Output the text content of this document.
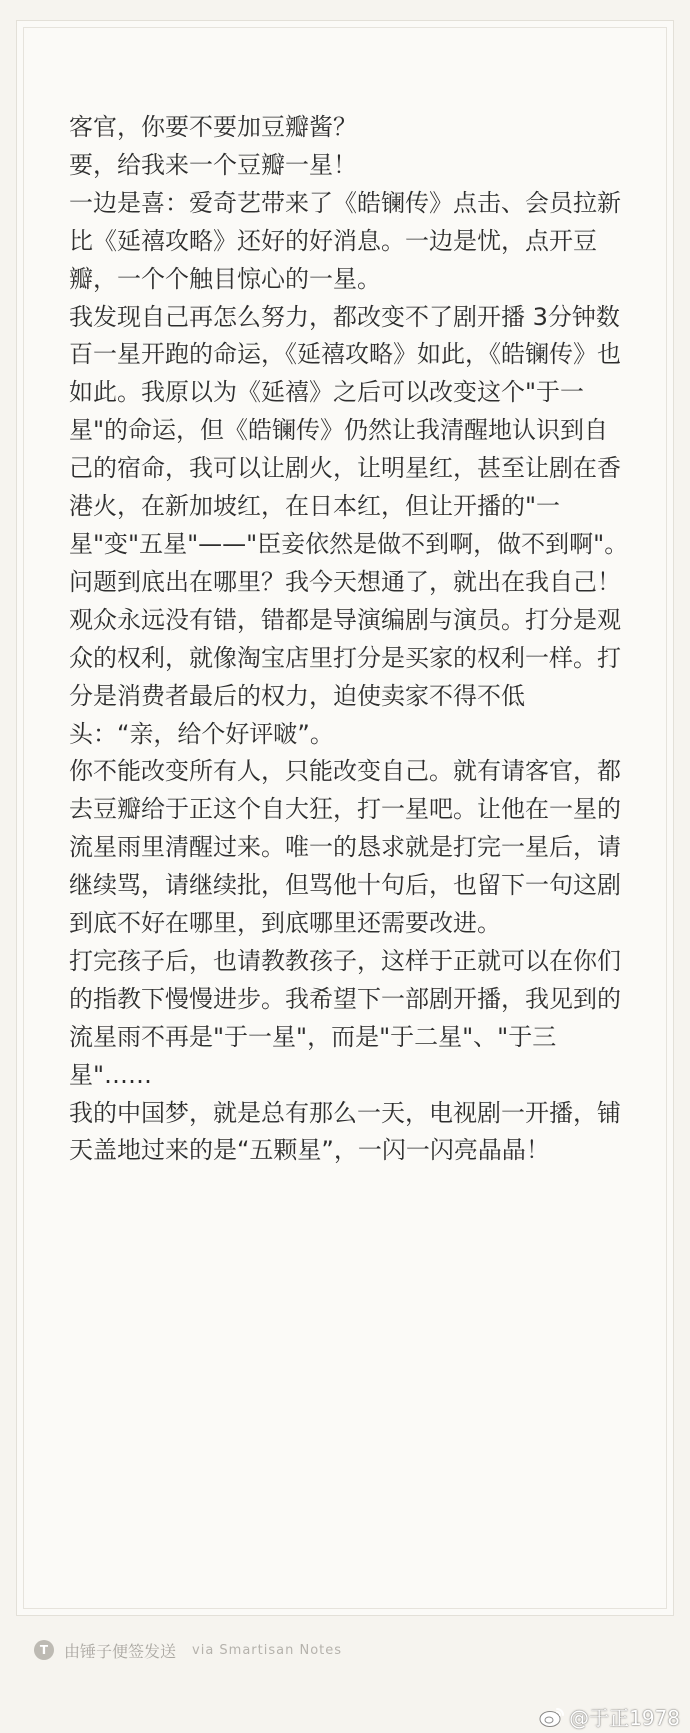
客官，你要不要加豆瓣酱？

要，给我来一个豆瓣一星！

一边是喜：爱奇艺带来了《皓镧传》点击、会员拉新比《延禧攻略》还好的好消息。一边是忧，点开豆瓣，一个个触目惊心的一星。

我发现自己再怎么努力，都改变不了剧开播 3分钟数百一星开跑的命运，《延禧攻略》如此，《皓镧传》也如此。我原以为《延禧》之后可以改变这个"于一星"的命运，但《皓镧传》仍然让我清醒地认识到自己的宿命，我可以让剧火，让明星红，甚至让剧在香港火，在新加坡红，在日本红，但让开播的"一星"变"五星"——"臣妾依然是做不到啊，做不到啊"。

问题到底出在哪里？我今天想通了，就出在我自己！观众永远没有错，错都是导演编剧与演员。打分是观众的权利，就像淘宝店里打分是买家的权利一样。打分是消费者最后的权力，迫使卖家不得不低头：“亲，给个好评啵”。

你不能改变所有人，只能改变自己。就有请客官，都去豆瓣给于正这个自大狂，打一星吧。让他在一星的流星雨里清醒过来。唯一的恳求就是打完一星后，请继续骂，请继续批，但骂他十句后，也留下一句这剧到底不好在哪里，到底哪里还需要改进。

打完孩子后，也请教教孩子，这样于正就可以在你们的指教下慢慢进步。我希望下一部剧开播，我见到的流星雨不再是"于一星"，而是"于二星"、"于三星"……

我的中国梦，就是总有那么一天，电视剧一开播，铺天盖地过来的是“五颗星”，一闪一闪亮晶晶！

T 由锤子便签发送 via Smartisan Notes
@于正1978
